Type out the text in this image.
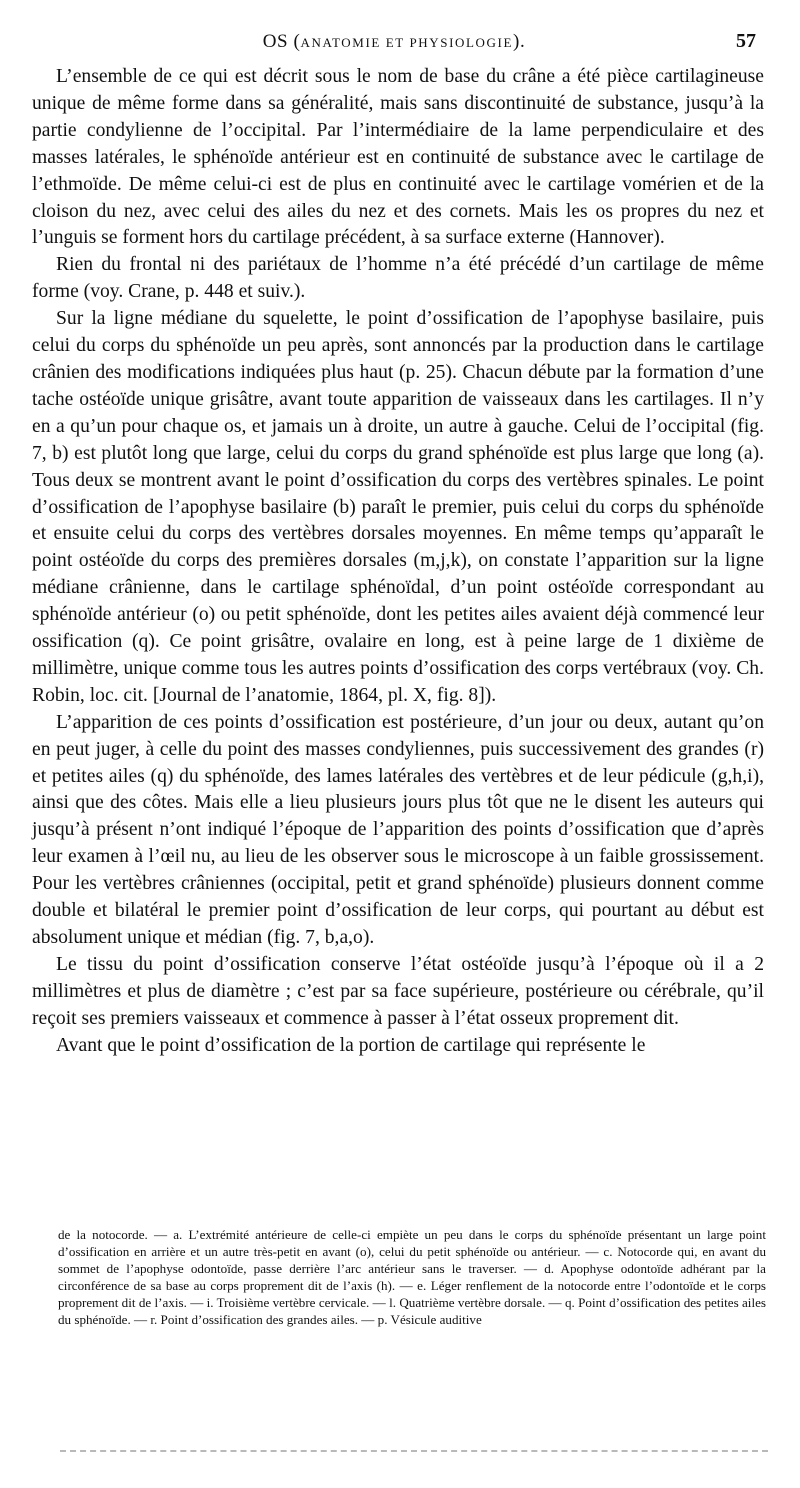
OS (ANATOMIE ET PHYSIOLOGIE).	57

L’ensemble de ce qui est décrit sous le nom de base du crâne a été pièce cartilagineuse unique de même forme dans sa généralité, mais sans discontinuité de substance, jusqu’à la partie condylienne de l’occipital. Par l’intermédiaire de la lame perpendiculaire et des masses latérales, le sphénoïde antérieur est en continuité de substance avec le cartilage de l’ethmoïde. De même celui-ci est de plus en continuité avec le cartilage vomérien et de la cloison du nez, avec celui des ailes du nez et des cornets. Mais les os propres du nez et l’unguis se forment hors du cartilage précédent, à sa surface externe (Hannover).

Rien du frontal ni des pariétaux de l’homme n’a été précédé d’un cartilage de même forme (voy. Crane, p. 448 et suiv.).

Sur la ligne médiane du squelette, le point d’ossification de l’apophyse basilaire, puis celui du corps du sphénoïde un peu après, sont annoncés par la production dans le cartilage crânien des modifications indiquées plus haut (p. 25). Chacun débute par la formation d’une tache ostéoïde unique grisâtre, avant toute apparition de vaisseaux dans les cartilages. Il n’y en a qu’un pour chaque os, et jamais un à droite, un autre à gauche. Celui de l’occipital (fig. 7, b) est plutôt long que large, celui du corps du grand sphénoïde est plus large que long (a). Tous deux se montrent avant le point d’ossification du corps des vertèbres spinales. Le point d’ossification de l’apophyse basilaire (b) paraît le premier, puis celui du corps du sphénoïde et ensuite celui du corps des vertèbres dorsales moyennes. En même temps qu’apparaît le point ostéoïde du corps des premières dorsales (m,j,k), on constate l’apparition sur la ligne médiane crânienne, dans le cartilage sphénoïdal, d’un point ostéoïde correspondant au sphénoïde antérieur (o) ou petit sphénoïde, dont les petites ailes avaient déjà commencé leur ossification (q). Ce point grisâtre, ovalaire en long, est à peine large de 1 dixième de millimètre, unique comme tous les autres points d’ossification des corps vertébraux (voy. Ch. Robin, loc. cit. [Journal de l’anatomie, 1864, pl. X, fig. 8]).

L’apparition de ces points d’ossification est postérieure, d’un jour ou deux, autant qu’on en peut juger, à celle du point des masses condyliennes, puis successivement des grandes (r) et petites ailes (q) du sphénoïde, des lames latérales des vertèbres et de leur pédicule (g,h,i), ainsi que des côtes. Mais elle a lieu plusieurs jours plus tôt que ne le disent les auteurs qui jusqu’à présent n’ont indiqué l’époque de l’apparition des points d’ossification que d’après leur examen à l’œil nu, au lieu de les observer sous le microscope à un faible grossissement. Pour les vertèbres crâniennes (occipital, petit et grand sphénoïde) plusieurs donnent comme double et bilatéral le premier point d’ossification de leur corps, qui pourtant au début est absolument unique et médian (fig. 7, b,a,o).

Le tissu du point d’ossification conserve l’état ostéoïde jusqu’à l’époque où il a 2 millimètres et plus de diamètre ; c’est par sa face supérieure, postérieure ou cérébrale, qu’il reçoit ses premiers vaisseaux et commence à passer à l’état osseux proprement dit.

Avant que le point d’ossification de la portion de cartilage qui représente le

de la notocorde. — a. L’extrémité antérieure de celle-ci empiète un peu dans le corps du sphénoïde présentant un large point d’ossification en arrière et un autre très-petit en avant (o), celui du petit sphénoïde ou antérieur. — c. Notocorde qui, en avant du sommet de l’apophyse odontoïde, passe derrière l’arc antérieur sans le traverser. — d. Apophyse odontoïde adhérant par la circonférence de sa base au corps proprement dit de l’axis (h). — e. Léger renflement de la notocorde entre l’odontoïde et le corps proprement dit de l’axis. — i. Troisième vertèbre cervicale. — l. Quatrième vertèbre dorsale. — q. Point d’ossification des petites ailes du sphénoïde. — r. Point d’ossification des grandes ailes. — p. Vésicule auditive
